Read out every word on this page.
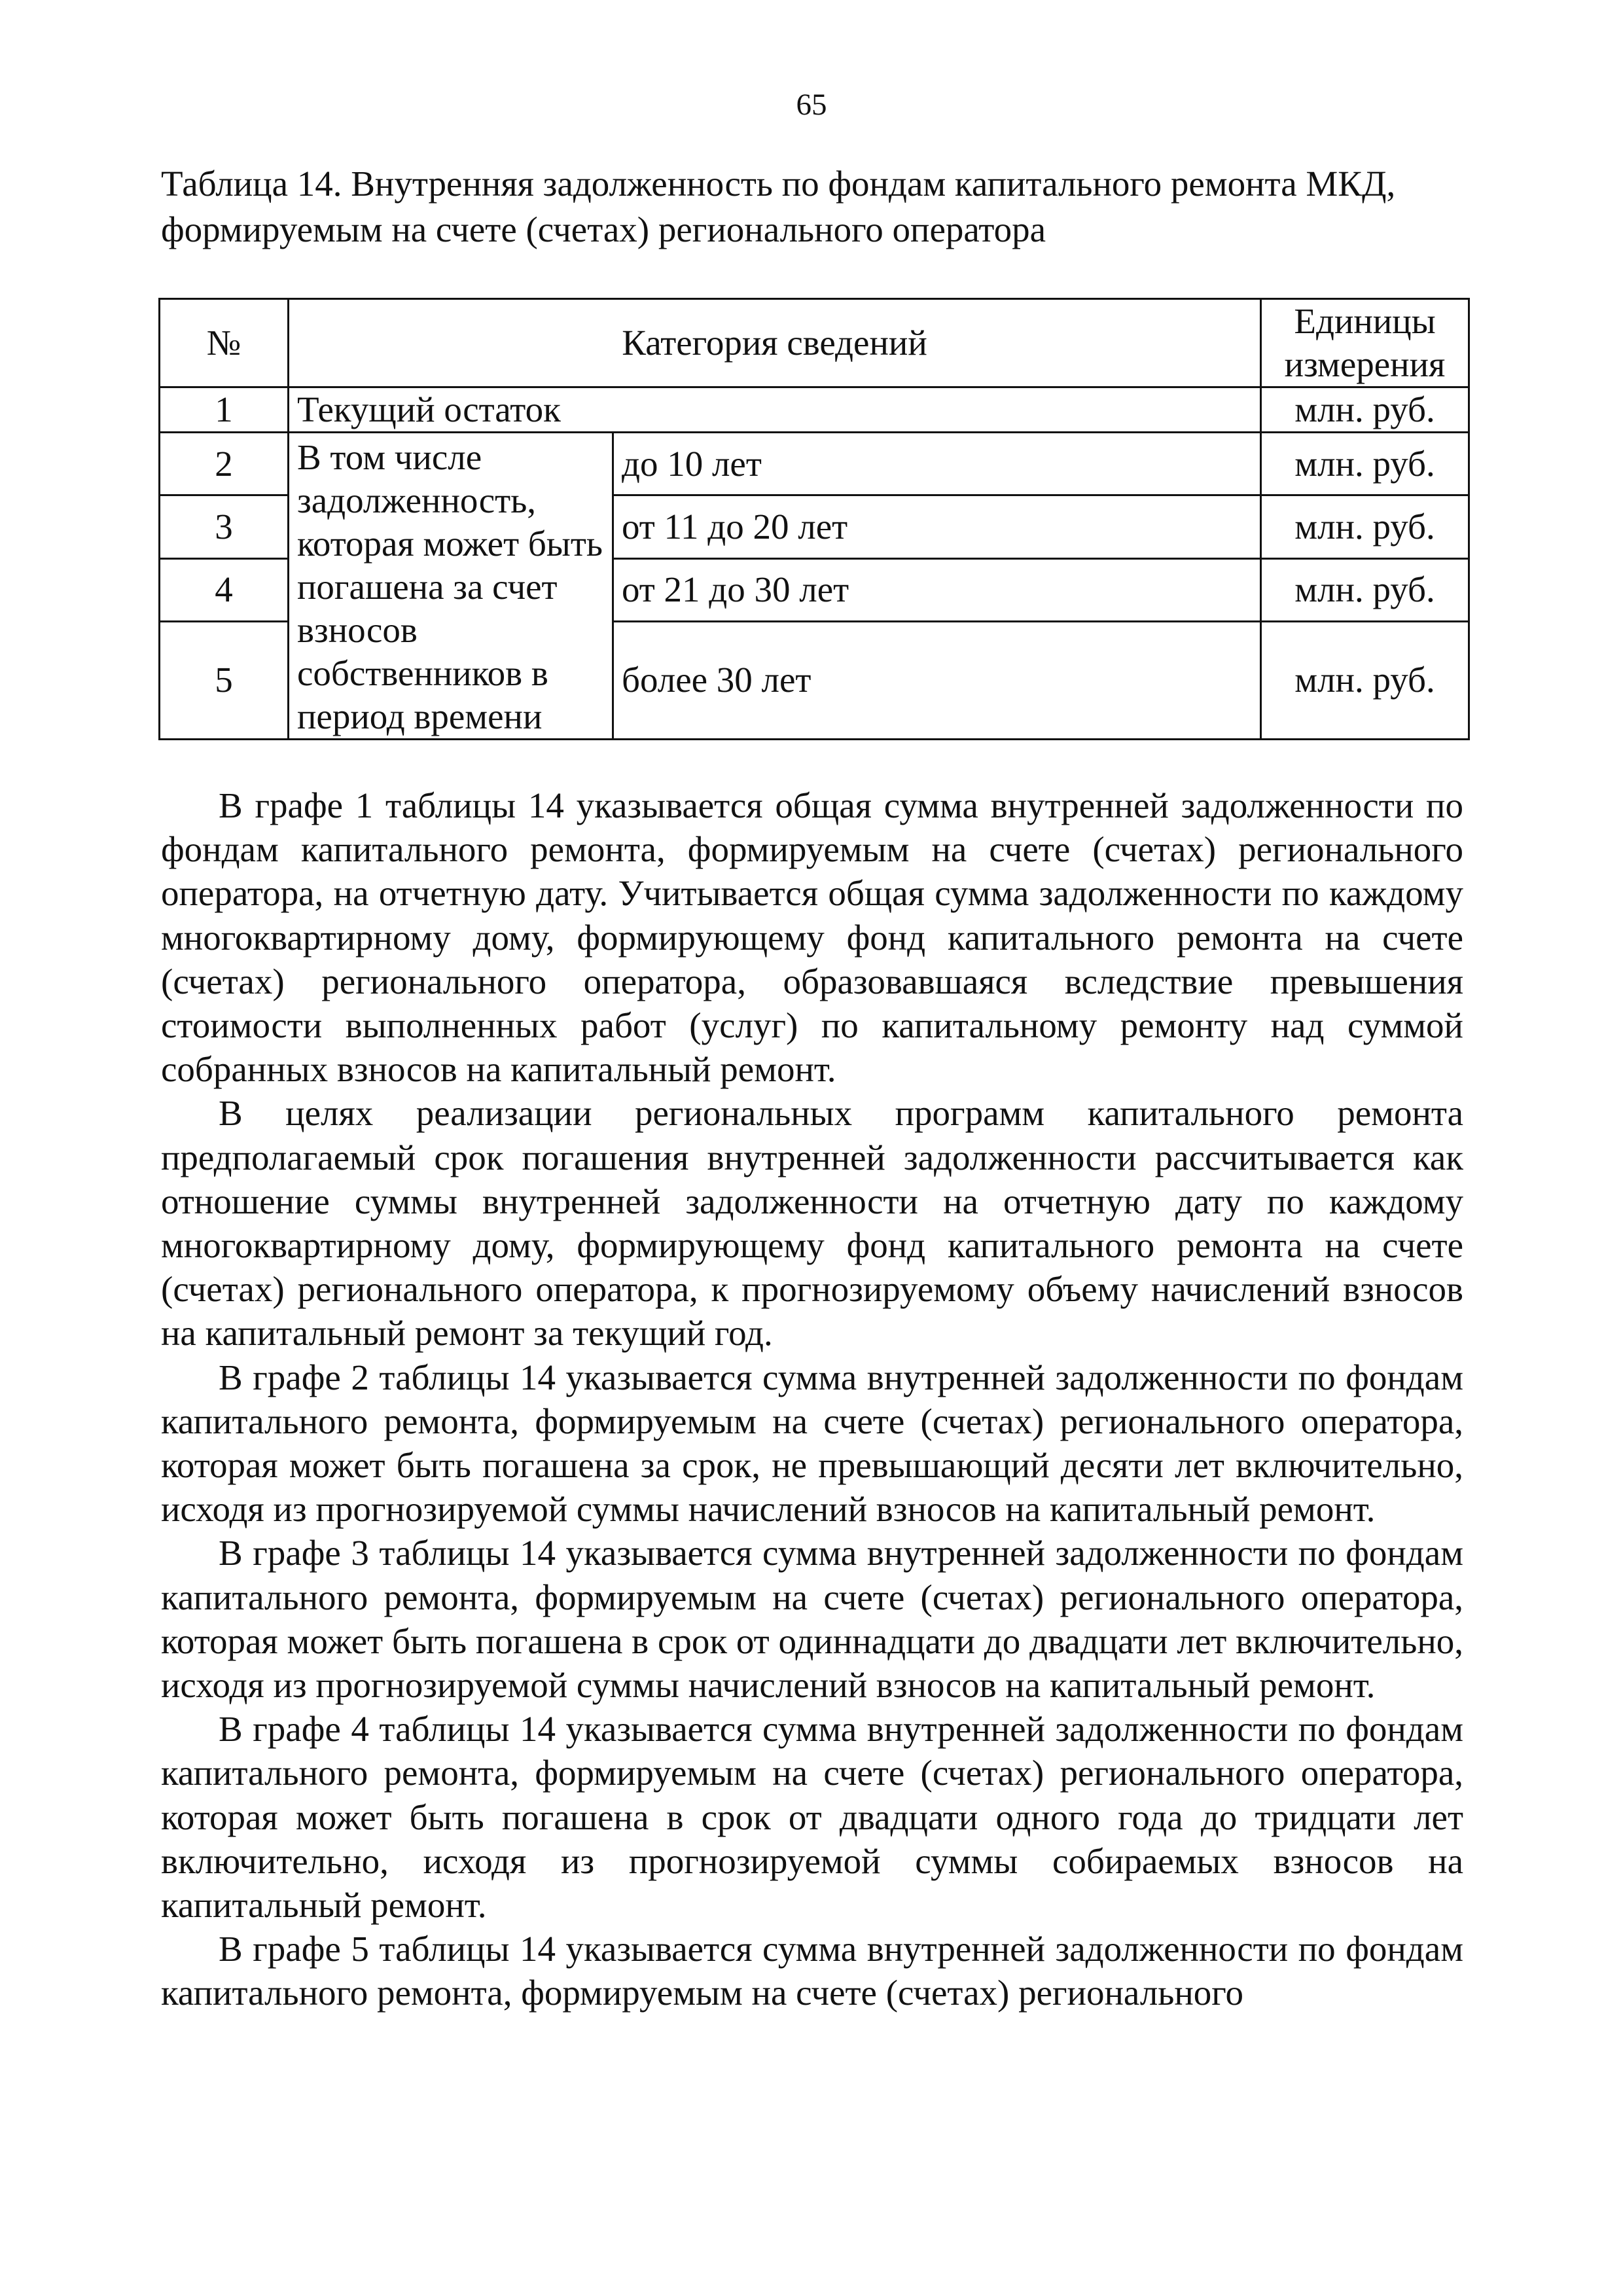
65
Таблица 14. Внутренняя задолженность по фондам капитального ремонта МКД, формируемым на счете (счетах) регионального оператора
№	Категория сведений		Единицы измерения
1	Текущий остаток		млн. руб.
2	В том числе задолженность, которая может быть погашена за счет взносов собственников в период времени	до 10 лет	млн. руб.
3		от 11 до 20 лет	млн. руб.
4		от 21 до 30 лет	млн. руб.
5		более 30 лет	млн. руб.

В графе 1 таблицы 14 указывается общая сумма внутренней задолженности по фондам капитального ремонта, формируемым на счете (счетах) регионального оператора, на отчетную дату. Учитывается общая сумма задолженности по каждому многоквартирному дому, формирующему фонд капитального ремонта на счете (счетах) регионального оператора, образовавшаяся вследствие превышения стоимости выполненных работ (услуг) по капитальному ремонту над суммой собранных взносов на капитальный ремонт.

В целях реализации региональных программ капитального ремонта предполагаемый срок погашения внутренней задолженности рассчитывается как отношение суммы внутренней задолженности на отчетную дату по каждому многоквартирному дому, формирующему фонд капитального ремонта на счете (счетах) регионального оператора, к прогнозируемому объему начислений взносов на капитальный ремонт за текущий год.

В графе 2 таблицы 14 указывается сумма внутренней задолженности по фондам капитального ремонта, формируемым на счете (счетах) регионального оператора, которая может быть погашена за срок, не превышающий десяти лет включительно, исходя из прогнозируемой суммы начислений взносов на капитальный ремонт.

В графе 3 таблицы 14 указывается сумма внутренней задолженности по фондам капитального ремонта, формируемым на счете (счетах) регионального оператора, которая может быть погашена в срок от одиннадцати до двадцати лет включительно, исходя из прогнозируемой суммы начислений взносов на капитальный ремонт.

В графе 4 таблицы 14 указывается сумма внутренней задолженности по фондам капитального ремонта, формируемым на счете (счетах) регионального оператора, которая может быть погашена в срок от двадцати одного года до тридцати лет включительно, исходя из прогнозируемой суммы собираемых взносов на капитальный ремонт.

В графе 5 таблицы 14 указывается сумма внутренней задолженности по фондам капитального ремонта, формируемым на счете (счетах) регионального
